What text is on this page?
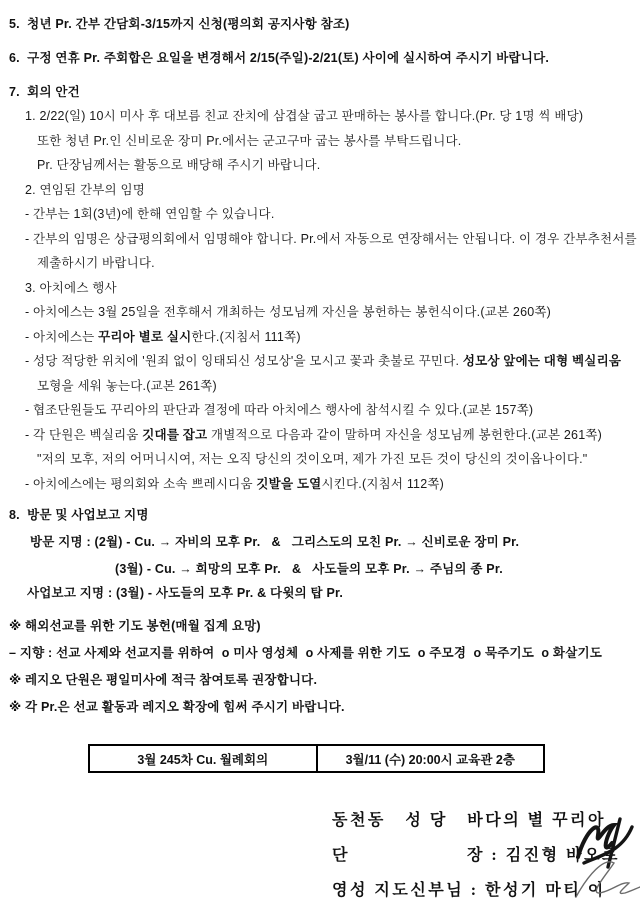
5.  청년 Pr. 간부 간담회-3/15까지 신청(평의회 공지사항 참조)
6.  구정 연휴 Pr. 주회합은 요일을 변경해서 2/15(주일)-2/21(토) 사이에 실시하여 주시기 바랍니다.
7.  회의 안건
1. 2/22(일) 10시 미사 후 대보름 친교 잔치에 삼겹살 굽고 판매하는 봉사를 합니다.(Pr. 당 1명 씩 배당)
또한 청년 Pr.인 신비로운 장미 Pr.에서는 군고구마 굽는 봉사를 부탁드립니다.
Pr. 단장님께서는 활동으로 배당해 주시기 바랍니다.
2. 연임된 간부의 임명
- 간부는 1회(3년)에 한해 연임할 수 있습니다.
- 간부의 임명은 상급평의회에서 임명해야 합니다. Pr.에서 자동으로 연장해서는 안됩니다. 이 경우 간부추천서를
제출하시기 바랍니다.
3. 아치에스 행사
- 아치에스는 3월 25일을 전후해서 개최하는 성모님께 자신을 봉헌하는 봉헌식이다.(교본 260쪽)
- 아치에스는 꾸리아 별로 실시한다.(지침서 111쪽)
- 성당 적당한 위치에 '원죄 없이 잉태되신 성모상'을 모시고 꽃과 촛불로 꾸민다. 성모상 앞에는 대형 벡실리움
모형을 세워 놓는다.(교본 261쪽)
- 협조단원들도 꾸리아의 판단과 결정에 따라 아치에스 행사에 참석시킬 수 있다.(교본 157쪽)
- 각 단원은 벡실리움 깃대를 잡고 개별적으로 다음과 같이 말하며 자신을 성모님께 봉헌한다.(교본 261쪽)
"저의 모후, 저의 어머니시여, 저는 오직 당신의 것이오며, 제가 가진 모든 것이 당신의 것이옵나이다."
- 아치에스에는 평의회와 소속 쁘레시디움 깃발을 도열시킨다.(지침서 112쪽)
8.  방문 및 사업보고 지명
방문 지명 : (2월) - Cu. → 자비의 모후 Pr.   &   그리스도의 모친 Pr. → 신비로운 장미 Pr.
(3월) - Cu. → 희망의 모후 Pr.   &   사도들의 모후 Pr. → 주님의 종 Pr.
사업보고 지명 : (3월) - 사도들의 모후 Pr. & 다윗의 탑 Pr.
※ 해외선교를 위한 기도 봉헌(매월 집계 요망)
– 지향 : 선교 사제와 선교지를 위하여  o 미사 영성체  o 사제를 위한 기도  o 주모경  o 묵주기도  o 화살기도
※ 레지오 단원은 평일미사에 적극 참여토록 권장합니다.
※ 각 Pr.은 선교 활동과 레지오 확장에 힘써 주시기 바랍니다.
3월 245차 Cu. 월례회의	3월/11 (수) 20:00시 교육관 2층
동천동   성 당   바다의 별 꾸리아
단                  장 : 김진형 바오로
영성 지도신부님 : 한성기 마티 이
